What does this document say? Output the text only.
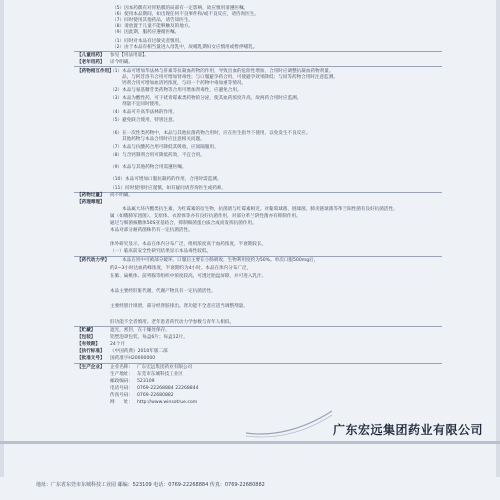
（5）因本药偶有对胃粘膜的局部有一定影响，故应慎用请遵医嘱。
（6）使用本品期间，如出现任何不良事件和/或不良反应，请咨询医生。
（7）同时使用其他药品，请告知医生。
（8）请放置于儿童不能够触及的地方。
（9）因此期，服药应遵循医嘱。
（1）同时对本品有过敏史者慎用。
（2）由于本品有相当量进入母乳中，故哺乳期妇女应慎用或暂停哺乳。
【儿童用药】 参见【用法用量】。
【老年用药】 详今明确。
【药物相互作用】
（1）本品可增加华法林与肝素等抗凝血药物的作用，导致出血的危险性增加，合用时应调整抗凝血药物剂量。
品，与阿昔洛韦合用可增加肾毒性；与口服避孕药合用，可使避孕效果降低；与同等药物合用时注意监测。
钙剂合用可增加血清钙浓度，与同一个药物中毒加重等情况。
（2）本品与氨基糖苷类药物等合用可增加肾毒性，应避免合用。
（3）本品为酸性药，可干扰青霉素类药物的分泌，使其血药浓度升高，故两药合用时应监测。
剂量不宜同时使用。
（4）本品可升高华法林的作用。
（5）避免联合使用，特别注意。
（6）在一次性类药物中，本品与其他抗菌药物合用时，应在医生指导下使用，以免发生不良反应。
其他药物与本品合用时应注意相关问题。
（7）本品与抗酸药合用可降低其吸收，应间隔服用。
（8）与含钙制剂合用可降低药效，不宜合用。
（9）本品与其他药物合用需遵医嘱。
（10）本品可增加口服抗凝药的作用，合用时需监测。
（11）同时使用时应谨慎，如有疑问请咨询医生或药师。
【药物过量】 尚不明确。
【药理毒理】
本品属大环内酯类抗生素，为红霉素的衍生物，抗菌谱与红霉素相近。对葡萄球菌、链球菌、肺炎链球菌等革兰阳性菌有良好抗菌活性。
属（如嗜肺军团菌）、支原体、衣原体等亦有良好抗菌作用，对部分革兰阴性菌亦有抑制作用。
通过与细菌核糖体50S亚基结合，抑制细菌蛋白质合成而发挥抗菌作用。
本品对部分耐药菌株仍有一定抗菌活性。
体外研究显示，本品在体内分布广泛，组织浓度高于血药浓度，半衰期较长。
（一）临床前安全性研究结果显示本品毒性较低。
【药代动力学】	本品在胃中可被部分破坏，口服后主要在小肠吸收，生物利用度约为50%。单次口服500mg后，
约2~3小时达血药峰浓度，半衰期约为4小时。本品在体内分布广泛，
在肺、扁桃体、前列腺等组织中浓度较高，可透过胎盘屏障，并可进入乳汁。
本品主要经肝脏代谢，代谢产物具有一定抗菌活性。
主要经胆汁排泄，部分经肾脏排出。肾功能不全者应适当调整剂量。
肝功能不全者慎用。老年患者药代动力学参数与青年人相似。
【贮藏】	遮光，密封，在干燥处保存。
【包装】	铝塑泡罩包装。每盒6片；每盒12片。
【有效期】 24个月
【执行标准】 《中国药典》2010年版二部
【批准文号】 国药准字H20000000
【生产企业】 企业名称： 广东宏远集团药业有限公司
生产地址： 东莞市东城科技工业区
邮政编码： 523109
电话号码： 0769-22268884 22268844
传真号码： 0769-22680882
网　　址： http://www.winsotrue.com
广东宏远集团药业有限公司
地址：广东省东莞市东城科技工业园 邮编：523109 电话：0769-22268884 传真：0769-22680882
